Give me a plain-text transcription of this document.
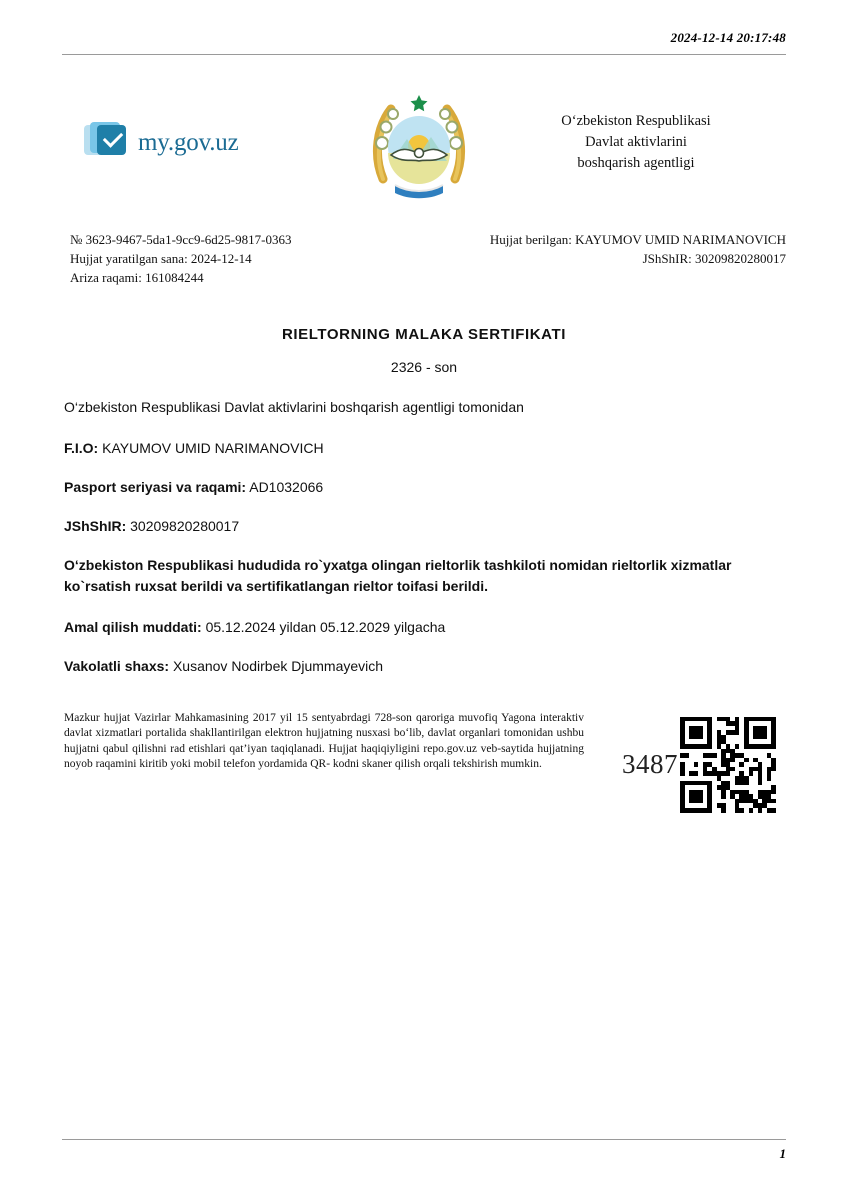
2024-12-14 20:17:48
my.gov.uz
O‘zbekiston Respublikasi
Davlat aktivlarini
boshqarish agentligi
№ 3623-9467-5da1-9cc9-6d25-9817-0363
Hujjat yaratilgan sana: 2024-12-14
Ariza raqami: 161084244
Hujjat berilgan: KAYUMOV UMID NARIMANOVICH
JShShIR: 30209820280017
RIELTORNING MALAKA SERTIFIKATI
2326 - son

O‘zbekiston Respublikasi Davlat aktivlarini boshqarish agentligi tomonidan

F.I.O: KAYUMOV UMID NARIMANOVICH

Pasport seriyasi va raqami: AD1032066

JShShIR: 30209820280017

O‘zbekiston Respublikasi hududida ro`yxatga olingan rieltorlik tashkiloti nomidan rieltorlik xizmatlar ko`rsatish ruxsat berildi va sertifikatlangan rieltor toifasi berildi.

Amal qilish muddati: 05.12.2024 yildan 05.12.2029 yilgacha

Vakolatli shaxs: Xusanov Nodirbek Djummayevich

Mazkur hujjat Vazirlar Mahkamasining 2017 yil 15 sentyabrdagi 728-son qaroriga muvofiq Yagona interaktiv davlat xizmatlari portalida shakllantirilgan elektron hujjatning nusxasi bo‘lib, davlat organlari tomonidan ushbu hujjatni qabul qilishni rad etishlari qat’iyan taqiqlanadi. Hujjat haqiqiyligini repo.gov.uz veb-saytida hujjatning noyob raqamini kiritib yoki mobil telefon yordamida QR- kodni skaner qilish orqali tekshirish mumkin.	3487
1
